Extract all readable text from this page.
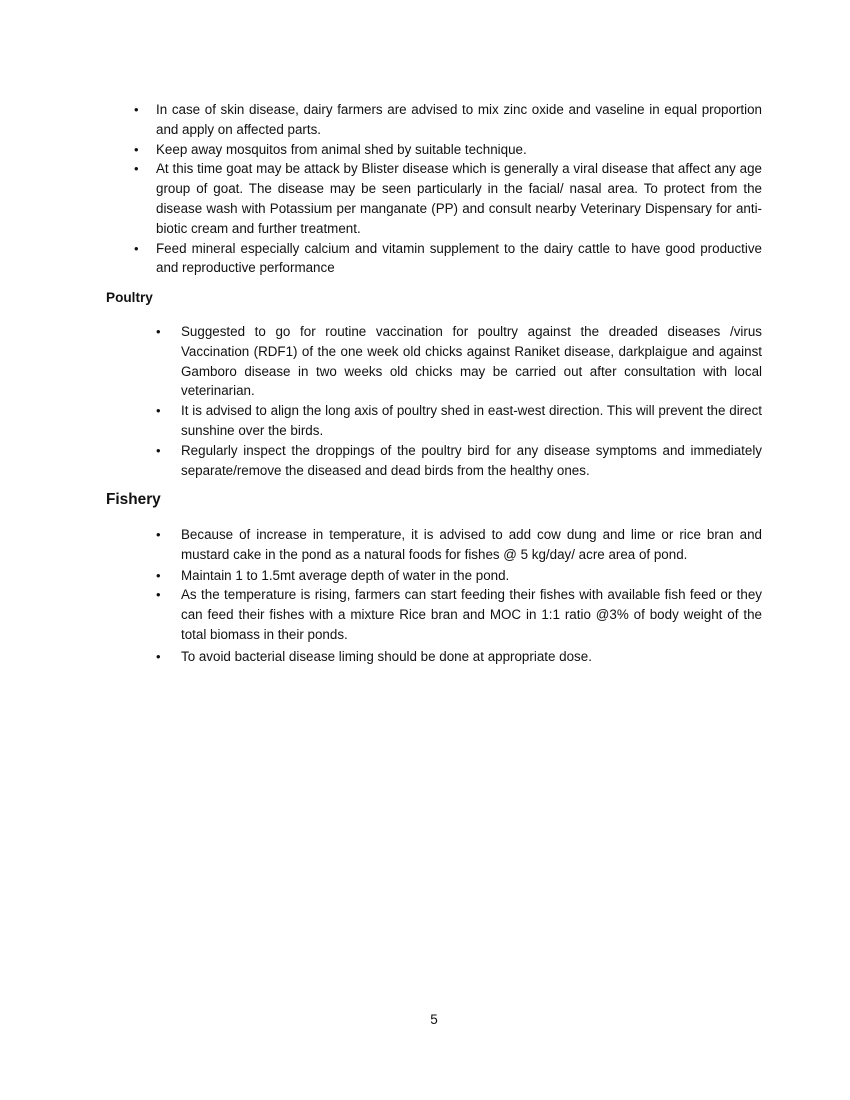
• In case of skin disease, dairy farmers are advised to mix zinc oxide and vaseline in equal proportion and apply on affected parts.
• Keep away mosquitos from animal shed by suitable technique.
• At this time goat may be attack by Blister disease which is generally a viral disease that affect any age group of goat. The disease may be seen particularly in the facial/ nasal area. To protect from the disease wash with Potassium per manganate (PP) and consult nearby Veterinary Dispensary for anti-biotic cream and further treatment.
• Feed mineral especially calcium and vitamin supplement to the dairy cattle to have good productive and reproductive performance
Poultry
• Suggested to go for routine vaccination for poultry against the dreaded diseases /virus Vaccination (RDF1) of the one week old chicks against Raniket disease, darkplaigue and against Gamboro disease in two weeks old chicks may be carried out after consultation with local veterinarian.
• It is advised to align the long axis of poultry shed in east-west direction. This will prevent the direct sunshine over the birds.
• Regularly inspect the droppings of the poultry bird for any disease symptoms and immediately separate/remove the diseased and dead birds from the healthy ones.
Fishery
• Because of increase in temperature, it is advised to add cow dung and lime or rice bran and mustard cake in the pond as a natural foods for fishes @ 5 kg/day/ acre area of pond.
• Maintain 1 to 1.5mt average depth of water in the pond.
• As the temperature is rising, farmers can start feeding their fishes with available fish feed or they can feed their fishes with a mixture Rice bran and MOC in 1:1 ratio @3% of body weight of the total biomass in their ponds.
• To avoid bacterial disease liming should be done at appropriate dose.
5
